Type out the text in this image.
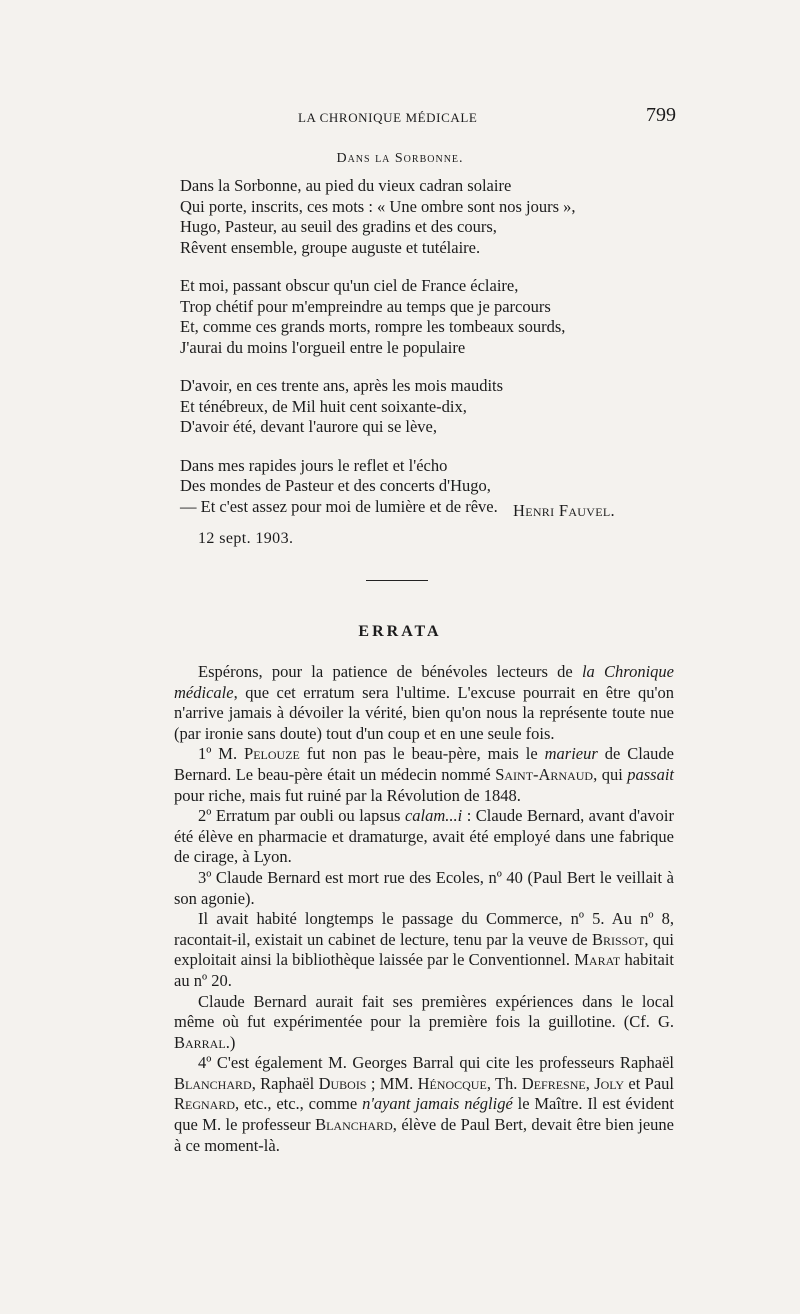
LA CHRONIQUE MÉDICALE	799
Dans la Sorbonne.
Dans la Sorbonne, au pied du vieux cadran solaire
Qui porte, inscrits, ces mots : « Une ombre sont nos jours »,
Hugo, Pasteur, au seuil des gradins et des cours,
Rêvent ensemble, groupe auguste et tutélaire.
Et moi, passant obscur qu'un ciel de France éclaire,
Trop chétif pour m'empreindre au temps que je parcours
Et, comme ces grands morts, rompre les tombeaux sourds,
J'aurai du moins l'orgueil entre le populaire
D'avoir, en ces trente ans, après les mois maudits
Et ténébreux, de Mil huit cent soixante-dix,
D'avoir été, devant l'aurore qui se lève,
Dans mes rapides jours le reflet et l'écho
Des mondes de Pasteur et des concerts d'Hugo,
— Et c'est assez pour moi de lumière et de rêve. Henri Fauvel.
12 sept. 1903.
ERRATA

Espérons, pour la patience de bénévoles lecteurs de la Chronique médicale, que cet erratum sera l'ultime. L'excuse pourrait en être qu'on n'arrive jamais à dévoiler la vérité, bien qu'on nous la représente toute nue (par ironie sans doute) tout d'un coup et en une seule fois.

1º M. Pelouze fut non pas le beau-père, mais le marieur de Claude Bernard. Le beau-père était un médecin nommé Saint-Arnaud, qui passait pour riche, mais fut ruiné par la Révolution de 1848.

2º Erratum par oubli ou lapsus calam...i : Claude Bernard, avant d'avoir été élève en pharmacie et dramaturge, avait été employé dans une fabrique de cirage, à Lyon.

3º Claude Bernard est mort rue des Ecoles, nº 40 (Paul Bert le veillait à son agonie).

Il avait habité longtemps le passage du Commerce, nº 5. Au nº 8, racontait-il, existait un cabinet de lecture, tenu par la veuve de Brissot, qui exploitait ainsi la bibliothèque laissée par le Conventionnel. Marat habitait au nº 20.

Claude Bernard aurait fait ses premières expériences dans le local même où fut expérimentée pour la première fois la guillotine. (Cf. G. Barral.)

4º C'est également M. Georges Barral qui cite les professeurs Raphaël Blanchard, Raphaël Dubois ; MM. Hénocque, Th. Defresne, Joly et Paul Regnard, etc., etc., comme n'ayant jamais négligé le Maître. Il est évident que M. le professeur Blanchard, élève de Paul Bert, devait être bien jeune à ce moment-là.
